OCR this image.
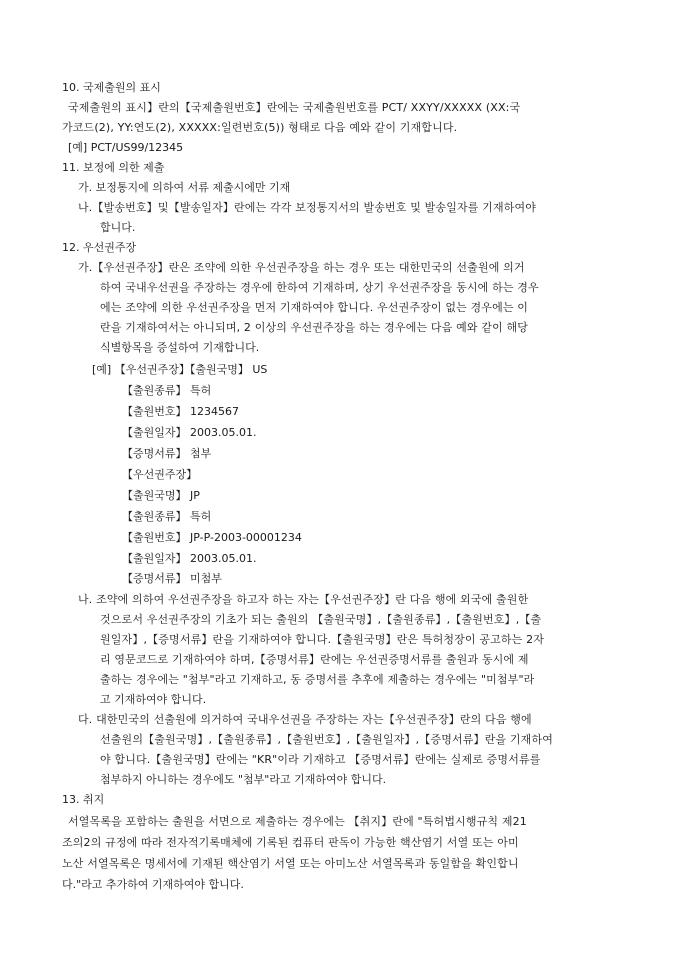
10. 국제출원의 표시
국제출원의 표시】란의【국제출원번호】란에는 국제출원번호를 PCT/ XXYY/XXXXX (XX:국
가코드(2), YY:연도(2), XXXXX:일련번호(5)) 형태로 다음 예와 같이 기재합니다.
[예] PCT/US99/12345
11. 보정에 의한 제출
가. 보정통지에 의하여 서류 제출시에만 기재
나.【발송번호】및【발송일자】란에는 각각 보정통지서의 발송번호 및 발송일자를 기재하여야
합니다.
12. 우선권주장
가.【우선권주장】란은 조약에 의한 우선권주장을 하는 경우 또는 대한민국의 선출원에 의거
하여 국내우선권을 주장하는 경우에 한하여 기재하며, 상기 우선권주장을 동시에 하는 경우
에는 조약에 의한 우선권주장을 먼저 기재하여야 합니다. 우선권주장이 없는 경우에는 이
란을 기재하여서는 아니되며, 2 이상의 우선권주장을 하는 경우에는 다음 예와 같이 해당
식별항목을 증설하여 기재합니다.
[예] 【우선권주장】【출원국명】 US
【출원종류】 특허
【출원번호】 1234567
【출원일자】 2003.05.01.
【증명서류】 첨부
【우선권주장】
【출원국명】 JP
【출원종류】 특허
【출원번호】 JP-P-2003-00001234
【출원일자】 2003.05.01.
【증명서류】 미첨부
나. 조약에 의하여 우선권주장을 하고자 하는 자는【우선권주장】란 다음 행에 외국에 출원한
것으로서 우선권주장의 기초가 되는 출원의 【출원국명】,【출원종류】,【출원번호】,【출
원일자】,【증명서류】란을 기재하여야 합니다.【출원국명】란은 특허청장이 공고하는 2자
리 영문코드로 기재하여야 하며,【증명서류】란에는 우선권증명서류를 출원과 동시에 제
출하는 경우에는 "첨부"라고 기재하고, 동 증명서를 추후에 제출하는 경우에는 "미첨부"라
고 기재하여야 합니다.
다. 대한민국의 선출원에 의거하여 국내우선권을 주장하는 자는【우선권주장】란의 다음 행에
선출원의【출원국명】,【출원종류】,【출원번호】,【출원일자】,【증명서류】란을 기재하여
야 합니다.【출원국명】란에는 "KR"이라 기재하고 【증명서류】란에는 실제로 증명서류를
첨부하지 아니하는 경우에도 "첨부"라고 기재하여야 합니다.
13. 취지
서열목록을 포함하는 출원을 서면으로 제출하는 경우에는 【취지】란에 "특허법시행규칙 제21
조의2의 규정에 따라 전자적기록매체에 기록된 컴퓨터 판독이 가능한 핵산염기 서열 또는 아미
노산 서열목록은 명세서에 기재된 핵산염기 서열 또는 아미노산 서열목록과 동일함을 확인합니
다."라고 추가하여 기재하여야 합니다.
